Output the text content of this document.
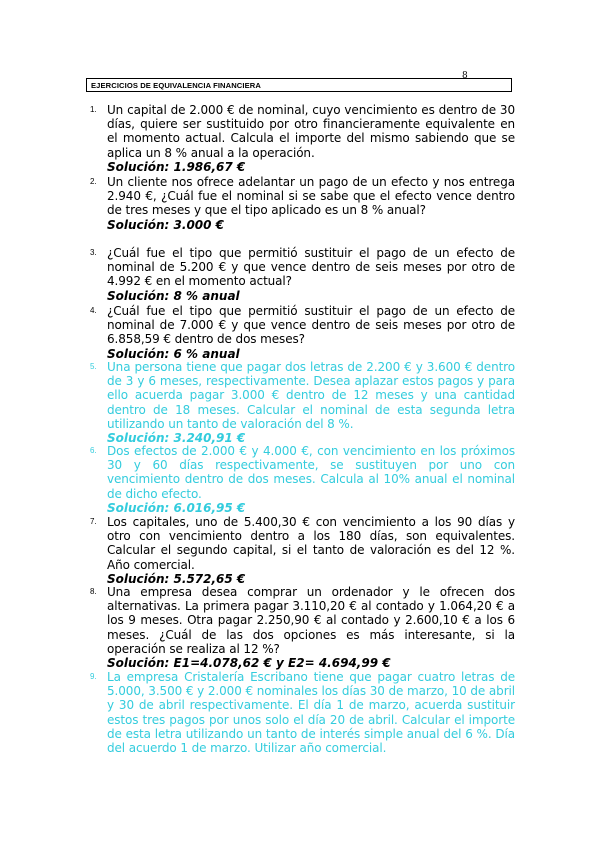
8
EJERCICIOS DE EQUIVALENCIA FINANCIERA
1. Un capital de 2.000 € de nominal, cuyo vencimiento es dentro de 30 días, quiere ser sustituido por otro financieramente equivalente en el momento actual. Calcula el importe del mismo sabiendo que se aplica un 8 % anual a la operación.
Solución: 1.986,67 €
2. Un cliente nos ofrece adelantar un pago de un efecto y nos entrega 2.940 €, ¿Cuál fue el nominal si se sabe que el efecto vence dentro de tres meses y que el tipo aplicado es un 8 % anual?
Solución: 3.000 €
3. ¿Cuál fue el tipo que permitió sustituir el pago de un efecto de nominal de 5.200 € y que vence dentro de seis meses por otro de 4.992 € en el momento actual?
Solución: 8 % anual
4. ¿Cuál fue el tipo que permitió sustituir el pago de un efecto de nominal de 7.000 € y que vence dentro de seis meses por otro de 6.858,59 € dentro de dos meses?
Solución: 6 % anual
5. Una persona tiene que pagar dos letras de 2.200 € y 3.600 € dentro de 3 y 6 meses, respectivamente. Desea aplazar estos pagos y para ello acuerda pagar 3.000 € dentro de 12 meses y una cantidad dentro de 18 meses. Calcular el nominal de esta segunda letra utilizando un tanto de valoración del 8 %.
Solución: 3.240,91 €
6. Dos efectos de 2.000 € y 4.000 €, con vencimiento en los próximos 30 y 60 días respectivamente, se sustituyen por uno con vencimiento dentro de dos meses. Calcula al 10% anual el nominal de dicho efecto.
Solución: 6.016,95 €
7. Los capitales, uno de 5.400,30 € con vencimiento a los 90 días y otro con vencimiento dentro a los 180 días, son equivalentes. Calcular el segundo capital, si el tanto de valoración es del 12 %. Año comercial.
Solución: 5.572,65 €
8. Una empresa desea comprar un ordenador y le ofrecen dos alternativas. La primera pagar 3.110,20 € al contado y 1.064,20 € a los 9 meses. Otra pagar 2.250,90 € al contado y 2.600,10 € a los 6 meses. ¿Cuál de las dos opciones es más interesante, si la operación se realiza al 12 %?
Solución: E1=4.078,62 € y E2= 4.694,99 €
9. La empresa Cristalería Escribano tiene que pagar cuatro letras de 5.000, 3.500 € y 2.000 € nominales los días 30 de marzo, 10 de abril y 30 de abril respectivamente. El día 1 de marzo, acuerda sustituir estos tres pagos por unos solo el día 20 de abril. Calcular el importe de esta letra utilizando un tanto de interés simple anual del 6 %. Día del acuerdo 1 de marzo. Utilizar año comercial.
